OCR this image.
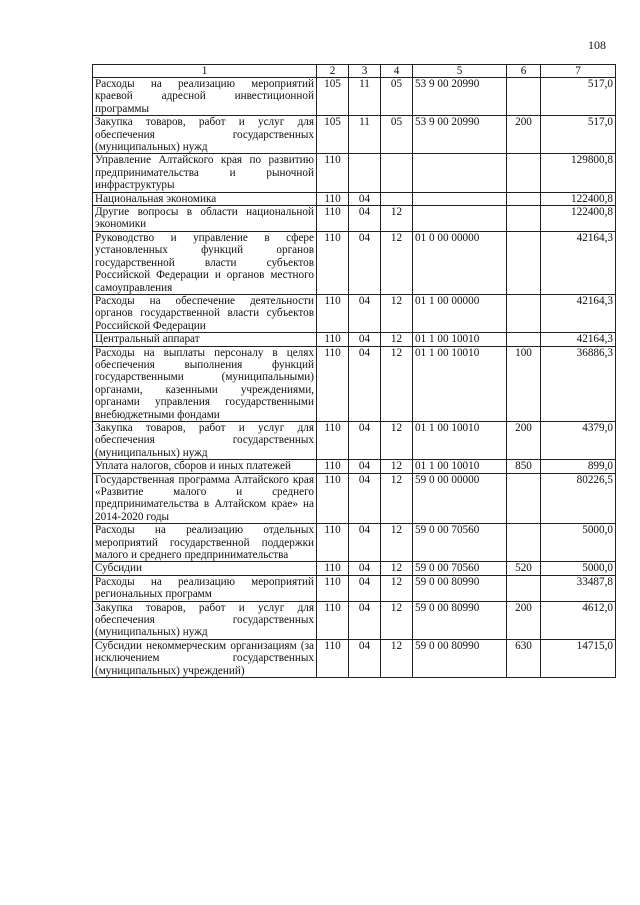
108
1	2	3	4	5	6	7
Расходы на реализацию мероприятий краевой адресной инвестиционной программы	105	11	05	53 9 00 20990		517,0
Закупка товаров, работ и услуг для обеспечения государственных (муниципальных) нужд	105	11	05	53 9 00 20990	200	517,0
Управление Алтайского края по развитию предпринимательства и рыночной инфраструктуры	110					129800,8
Национальная экономика	110	04				122400,8
Другие вопросы в области национальной экономики	110	04	12			122400,8
Руководство и управление в сфере установленных функций органов государственной власти субъектов Российской Федерации и органов местного самоуправления	110	04	12	01 0 00 00000		42164,3
Расходы на обеспечение деятельности органов государственной власти субъектов Российской Федерации	110	04	12	01 1 00 00000		42164,3
Центральный аппарат	110	04	12	01 1 00 10010		42164,3
Расходы на выплаты персоналу в целях обеспечения выполнения функций государственными (муниципальными) органами, казенными учреждениями, органами управления государственными внебюджетными фондами	110	04	12	01 1 00 10010	100	36886,3
Закупка товаров, работ и услуг для обеспечения государственных (муниципальных) нужд	110	04	12	01 1 00 10010	200	4379,0
Уплата налогов, сборов и иных платежей	110	04	12	01 1 00 10010	850	899,0
Государственная программа Алтайского края «Развитие малого и среднего предпринимательства в Алтайском крае» на 2014-2020 годы	110	04	12	59 0 00 00000		80226,5
Расходы на реализацию отдельных мероприятий государственной поддержки малого и среднего предпринимательства	110	04	12	59 0 00 70560		5000,0
Субсидии	110	04	12	59 0 00 70560	520	5000,0
Расходы на реализацию мероприятий региональных программ	110	04	12	59 0 00 80990		33487,8
Закупка товаров, работ и услуг для обеспечения государственных (муниципальных) нужд	110	04	12	59 0 00 80990	200	4612,0
Субсидии некоммерческим организациям (за исключением государственных (муниципальных) учреждений)	110	04	12	59 0 00 80990	630	14715,0
